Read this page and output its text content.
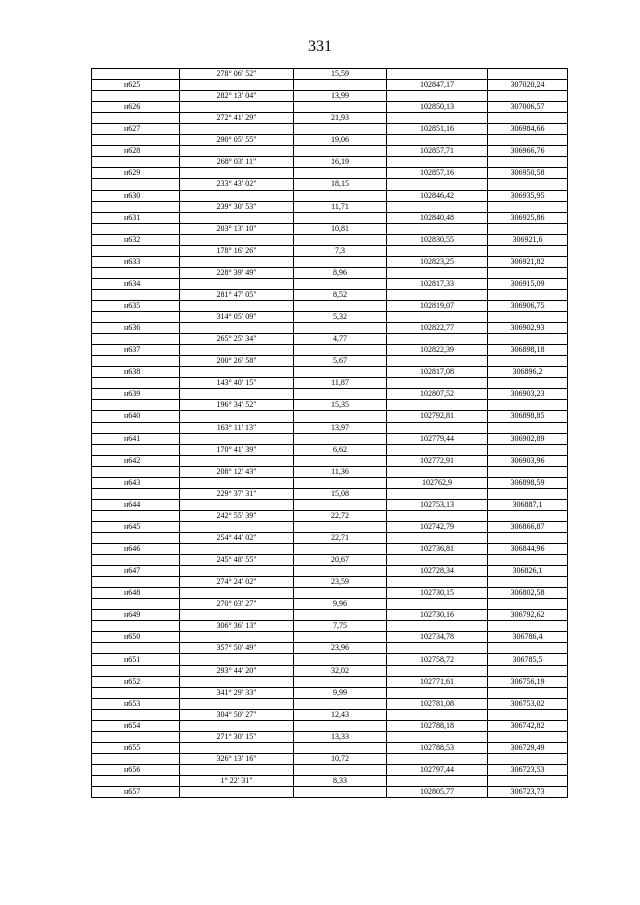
331
	278° 06' 52"	15,59		
н625			102847,17	307020,24
	282° 13' 04"	13,99		
н626			102850,13	307006,57
	272° 41' 29"	21,93		
н627			102851,16	306984,66
	290° 05' 55"	19,06		
н628			102857,71	306966,76
	268° 03' 11"	16,19		
н629			102857,16	306950,58
	233° 43' 02"	18,15		
н630			102846,42	306935,95
	239° 30' 53"	11,71		
н631			102840,48	306925,86
	203° 13' 10"	10,81		
н632			102830,55	306921,6
	178° 16' 26"	7,3		
н633			102823,25	306921,82
	228° 39' 49"	8,96		
н634			102817,33	306915,09
	281° 47' 05"	8,52		
н635			102819,07	306906,75
	314° 05' 09"	5,32		
н636			102822,77	306902,93
	265° 25' 34"	4,77		
н637			102822,39	306898,18
	200° 26' 58"	5,67		
н638			102817,08	306896,2
	143° 40' 15"	11,87		
н639			102807,52	306903,23
	196° 34' 52"	15,35		
н640			102792,81	306898,85
	163° 11' 13"	13,97		
н641			102779,44	306902,89
	170° 41' 39"	6,62		
н642			102772,91	306903,96
	208° 12' 43"	11,36		
н643			102762,9	306898,59
	229° 37' 31"	15,08		
н644			102753,13	306887,1
	242° 55' 39"	22,72		
н645			102742,79	306866,87
	254° 44' 02"	22,71		
н646			102736,81	306844,96
	245° 48' 55"	20,67		
н647			102728,34	306826,1
	274° 24' 02"	23,59		
н648			102730,15	306802,58
	270° 03' 27"	9,96		
н649			102730,16	306792,62
	306° 36' 13"	7,75		
н650			102734,78	306786,4
	357° 50' 49"	23,96		
н651			102758,72	306785,5
	293° 44' 20"	32,02		
н652			102771,61	306756,19
	341° 29' 33"	9,99		
н653			102781,08	306753,02
	304° 50' 27"	12,43		
н654			102788,18	306742,82
	271° 30' 15"	13,33		
н655			102788,53	306729,49
	326° 13' 16"	10,72		
н656			102797,44	306723,53
	1° 22' 31"	8,33		
н657			102805,77	306723,73
